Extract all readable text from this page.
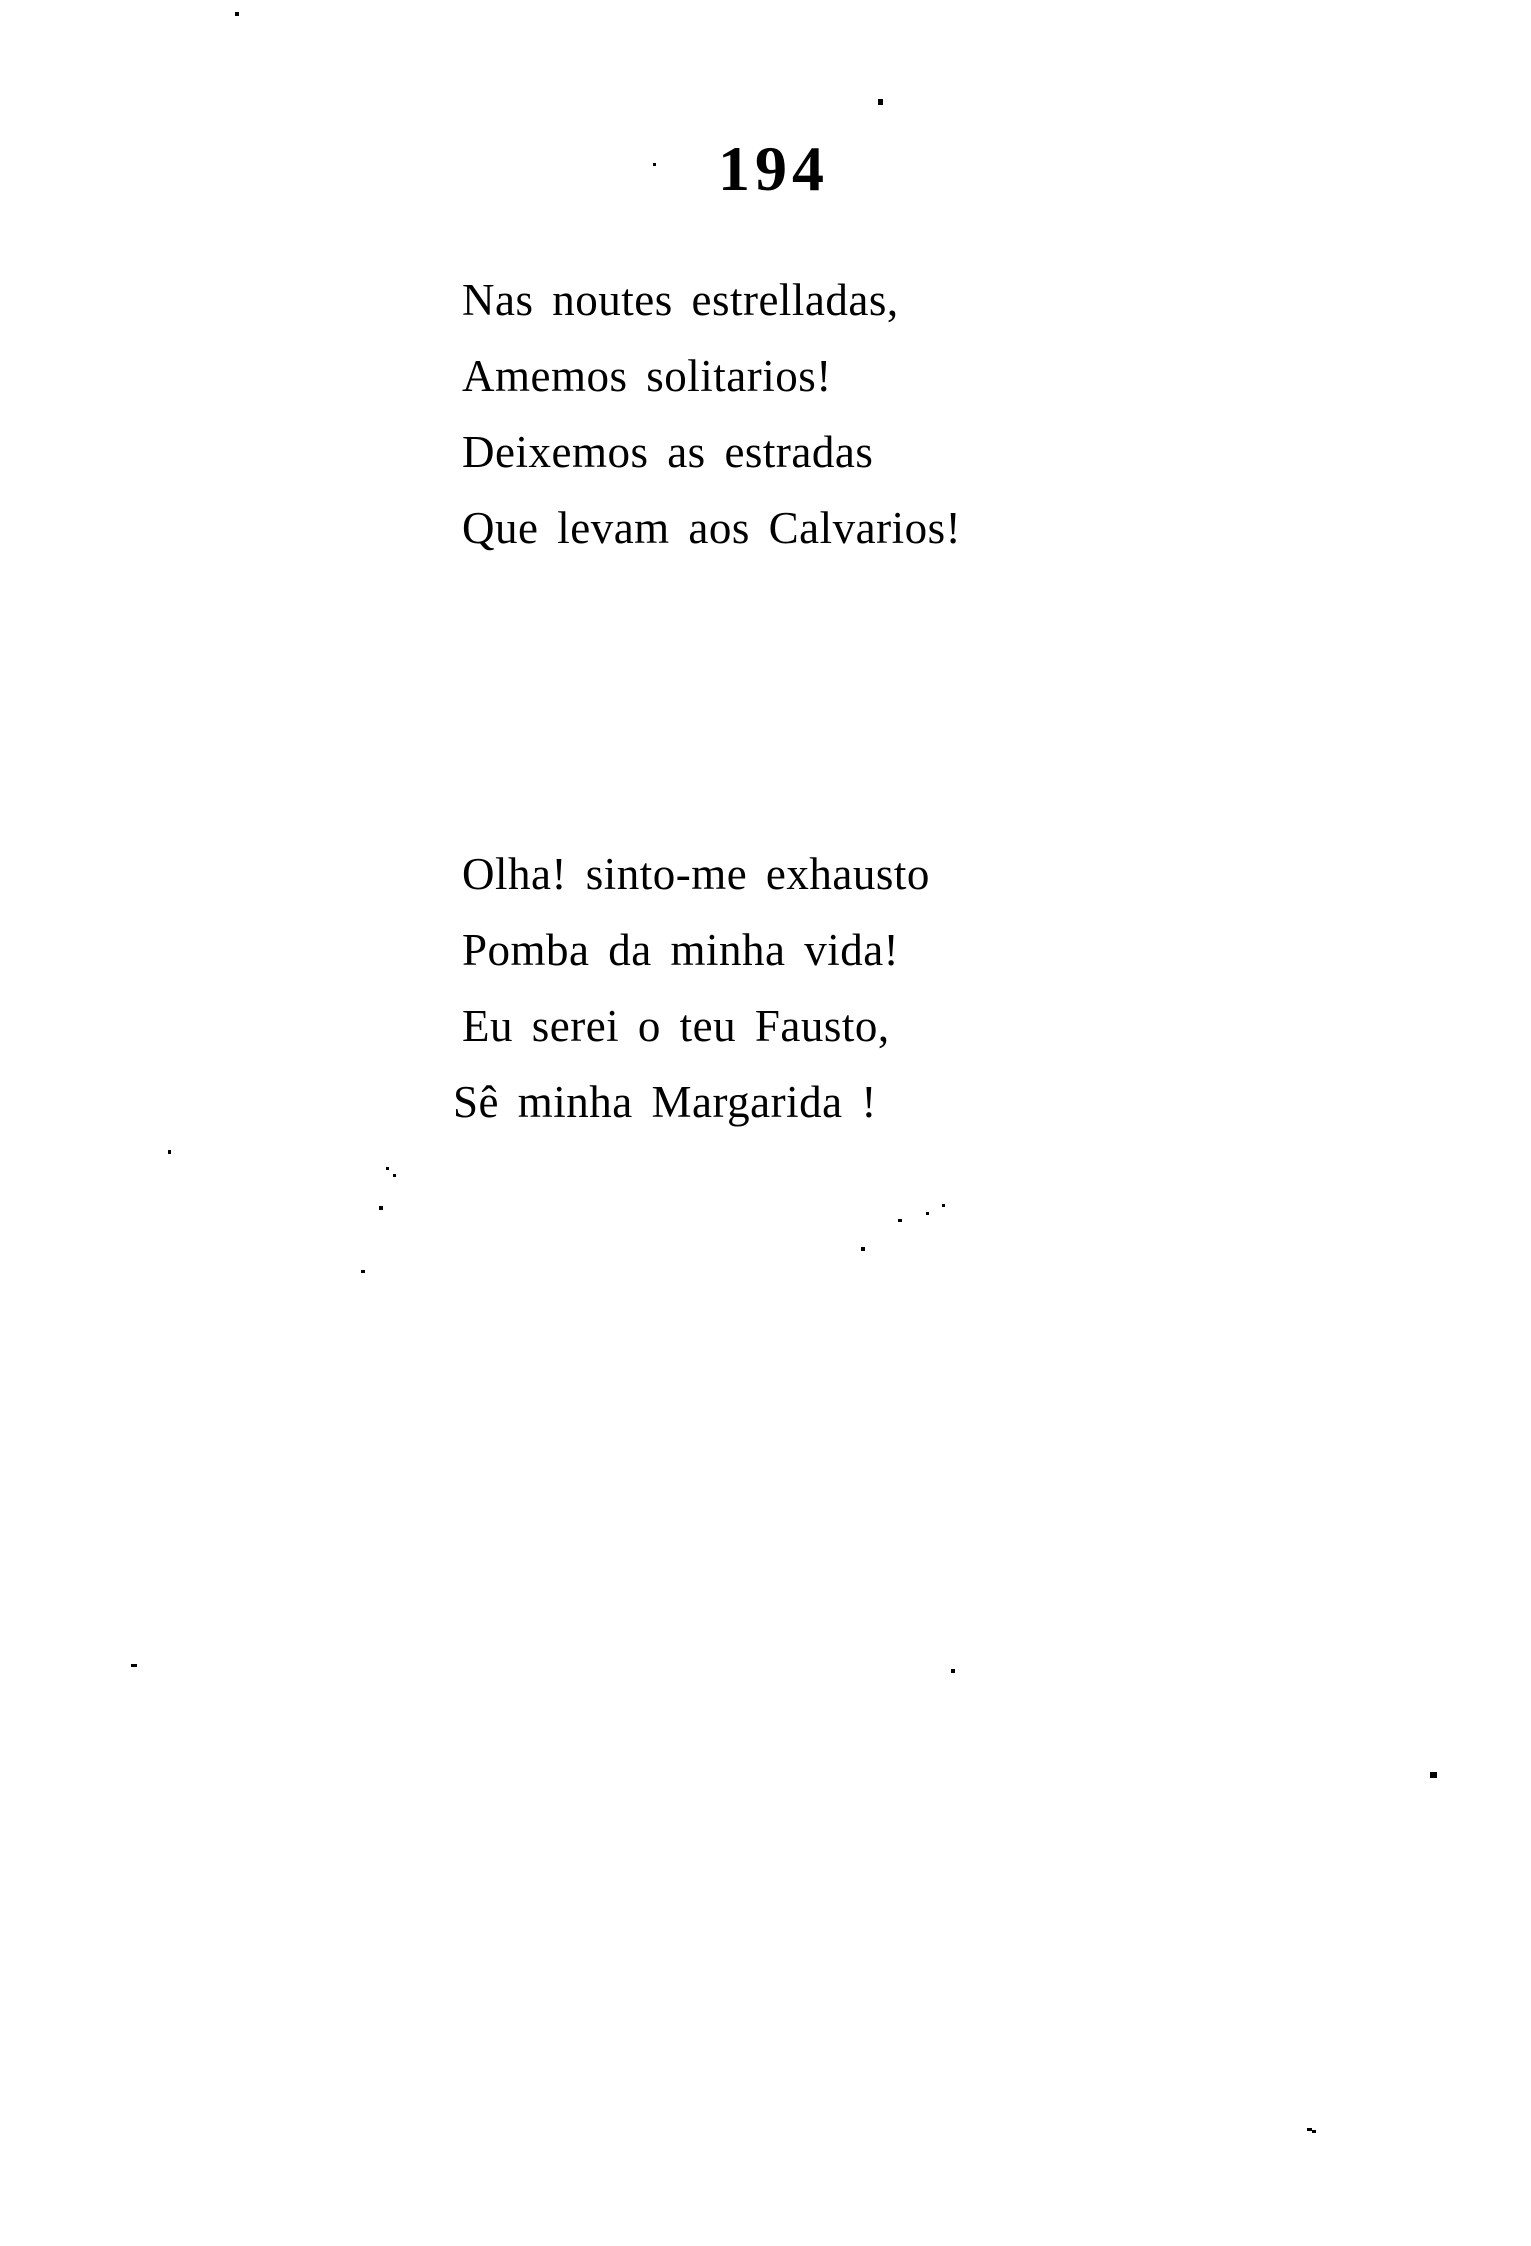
194
Nas noutes estrelladas,
Amemos solitarios!
Deixemos as estradas
Que levam aos Calvarios!
Olha! sinto-me exhausto
Pomba da minha vida!
Eu serei o teu Fausto,
Sê minha Margarida !
